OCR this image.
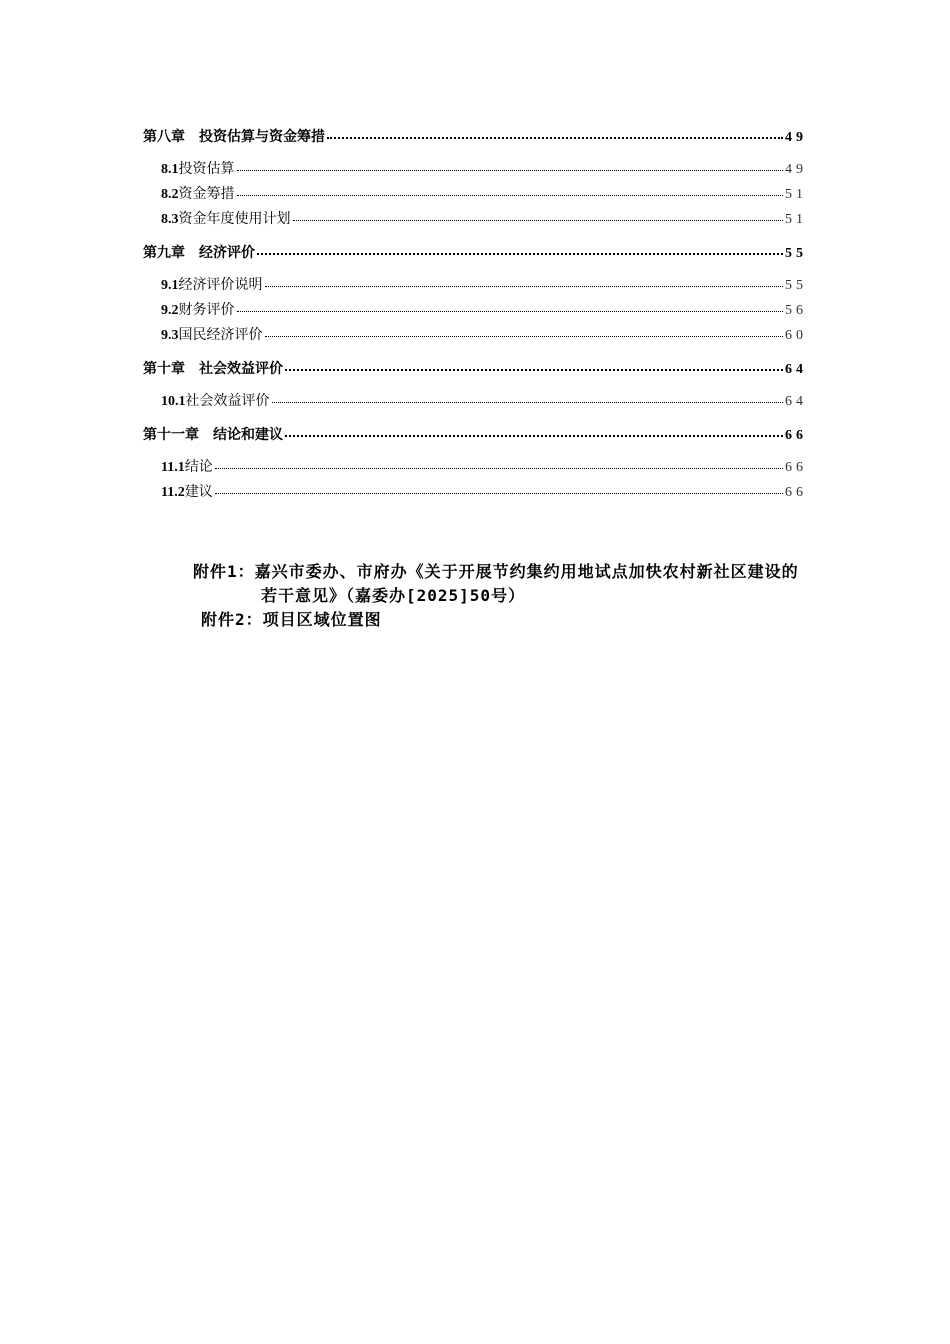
第八章　投资估算与资金筹措	49
8.1投资估算	49
8.2资金筹措	51
8.3资金年度使用计划	51
第九章　经济评价	55
9.1经济评价说明	55
9.2财务评价	56
9.3国民经济评价	60
第十章　社会效益评价	64
10.1社会效益评价	64
第十一章　结论和建议	66
11.1结论	66
11.2建议	66
附件1：嘉兴市委办、市府办《关于开展节约集约用地试点加快农村新社区建设的若干意见》（嘉委办[2025]50号）
附件2：项目区域位置图
